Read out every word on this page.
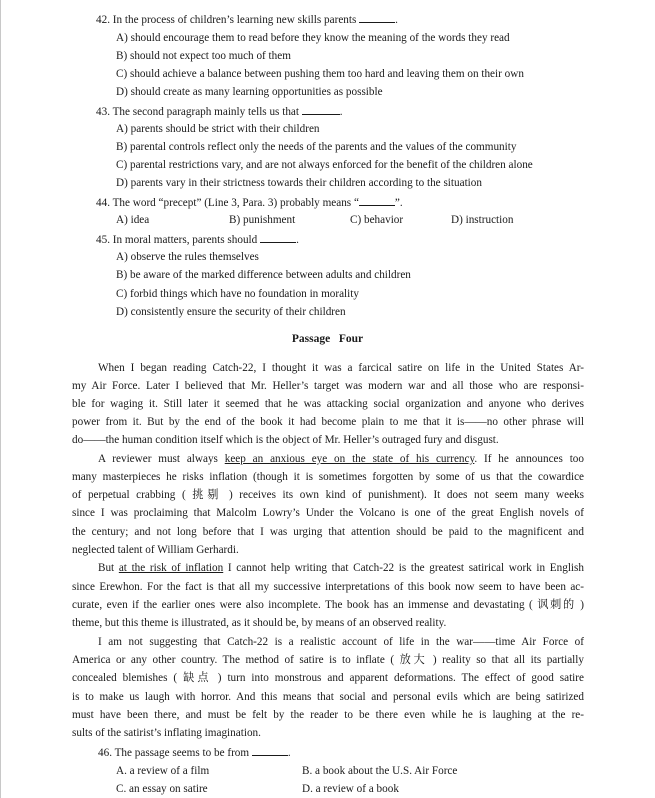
42. In the process of children’s learning new skills parents	.
A) should encourage them to read before they know the meaning of the words they read
B) should not expect too much of them
C) should achieve a balance between pushing them too hard and leaving them on their own
D) should create as many learning opportunities as possible
43. The second paragraph mainly tells us that	.
A) parents should be strict with their children
B) parental controls reflect only the needs of the parents and the values of the community
C) parental restrictions vary, and are not always enforced for the benefit of the children alone
D) parents vary in their strictness towards their children according to the situation
44. The word “precept” (Line 3, Para. 3) probably means “	”.
A) idea	B) punishment	C) behavior	D) instruction
45. In moral matters, parents should	.
A) observe the rules themselves
B) be aware of the marked difference between adults and children
C) forbid things which have no foundation in morality
D) consistently ensure the security of their children
Passage   Four
When I began reading Catch-22, I thought it was a farcical satire on life in the United States Ar-
my Air Force. Later I believed that Mr. Heller’s target was modern war and all those who are responsi-
ble for waging it. Still later it seemed that he was attacking social organization and anyone who derives
power from it. But by the end of the book it had become plain to me that it is——no other phrase will
do——the human condition itself which is the object of Mr. Heller’s outraged fury and disgust.
A reviewer must always keep an anxious eye on the state of his currency. If he announces too
many masterpieces he risks inflation (though it is sometimes forgotten by some of us that the cowardice
of perpetual crabbing ( 挑剔 ) receives its own kind of punishment). It does not seem many weeks
since I was proclaiming that Malcolm Lowry’s Under the Volcano is one of the great English novels of
the century; and not long before that I was urging that attention should be paid to the magnificent and
neglected talent of William Gerhardi.
But at the risk of inflation I cannot help writing that Catch-22 is the greatest satirical work in English
since Erewhon. For the fact is that all my successive interpretations of this book now seem to have been ac-
curate, even if the earlier ones were also incomplete. The book has an immense and devastating ( 讽刺的 )
theme, but this theme is illustrated, as it should be, by means of an observed reality.
I am not suggesting that Catch-22 is a realistic account of life in the war——time Air Force of
America or any other country. The method of satire is to inflate ( 放大 ) reality so that all its partially
concealed blemishes ( 缺点 ) turn into monstrous and apparent deformations. The effect of good satire
is to make us laugh with horror. And this means that social and personal evils which are being satirized
must have been there, and must be felt by the reader to be there even while he is laughing at the re-
sults of the satirist’s inflating imagination.
46. The passage seems to be from	.
A. a review of a film	B. a book about the U.S. Air Force
C. an essay on satire	D. a review of a book
